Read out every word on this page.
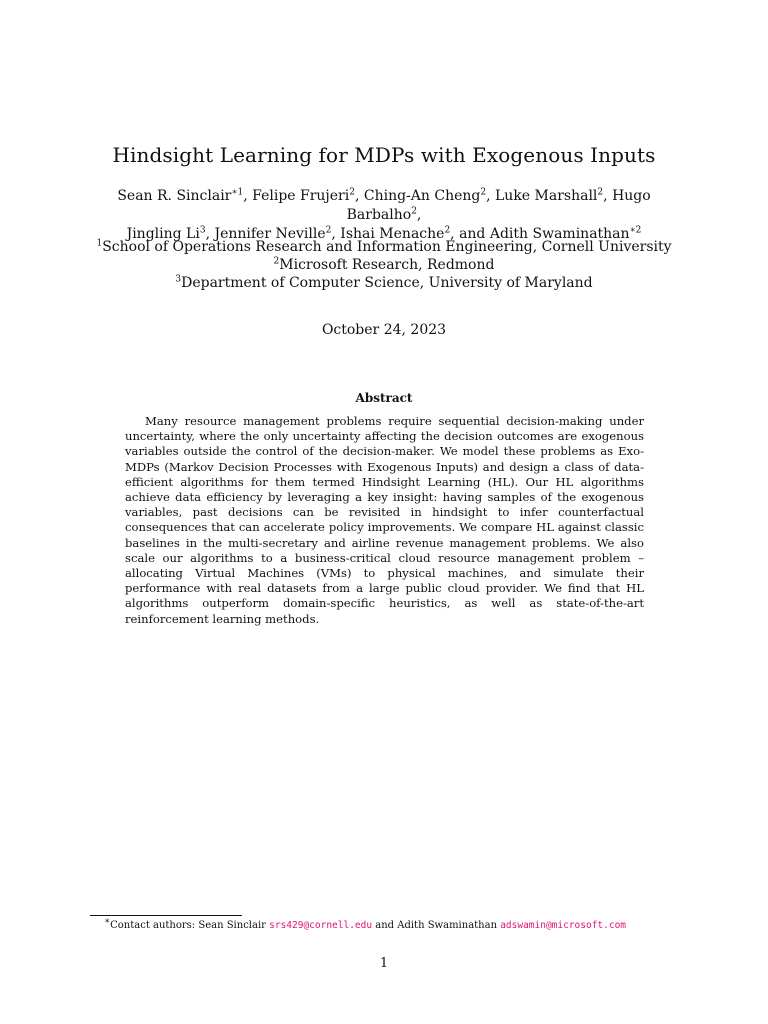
Hindsight Learning for MDPs with Exogenous Inputs
Sean R. Sinclair$^{∗1}$, Felipe Frujeri$^2$, Ching-An Cheng$^2$, Luke Marshall$^2$, Hugo Barbalho$^2$,
Jingling Li$^3$, Jennifer Neville$^2$, Ishai Menache$^2$, and Adith Swaminathan$^{∗2}$
$^1$School of Operations Research and Information Engineering, Cornell University
$^2$Microsoft Research, Redmond
$^3$Department of Computer Science, University of Maryland
October 24, 2023
Abstract

Many resource management problems require sequential decision-making under uncertainty, where the only uncertainty affecting the decision outcomes are exogenous variables outside the control of the decision-maker. We model these problems as Exo-MDPs (Markov Decision Processes with Exogenous Inputs) and design a class of data-efficient algorithms for them termed Hindsight Learning (HL). Our HL algorithms achieve data efficiency by leveraging a key insight: having samples of the exogenous variables, past decisions can be revisited in hindsight to infer counterfactual consequences that can accelerate policy improvements. We compare HL against classic baselines in the multi-secretary and airline revenue management problems. We also scale our algorithms to a business-critical cloud resource management problem – allocating Virtual Machines (VMs) to physical machines, and simulate their performance with real datasets from a large public cloud provider. We find that HL algorithms outperform domain-specific heuristics, as well as state-of-the-art reinforcement learning methods.

∗Contact authors: Sean Sinclair srs429@cornell.edu and Adith Swaminathan adswamin@microsoft.com
1
